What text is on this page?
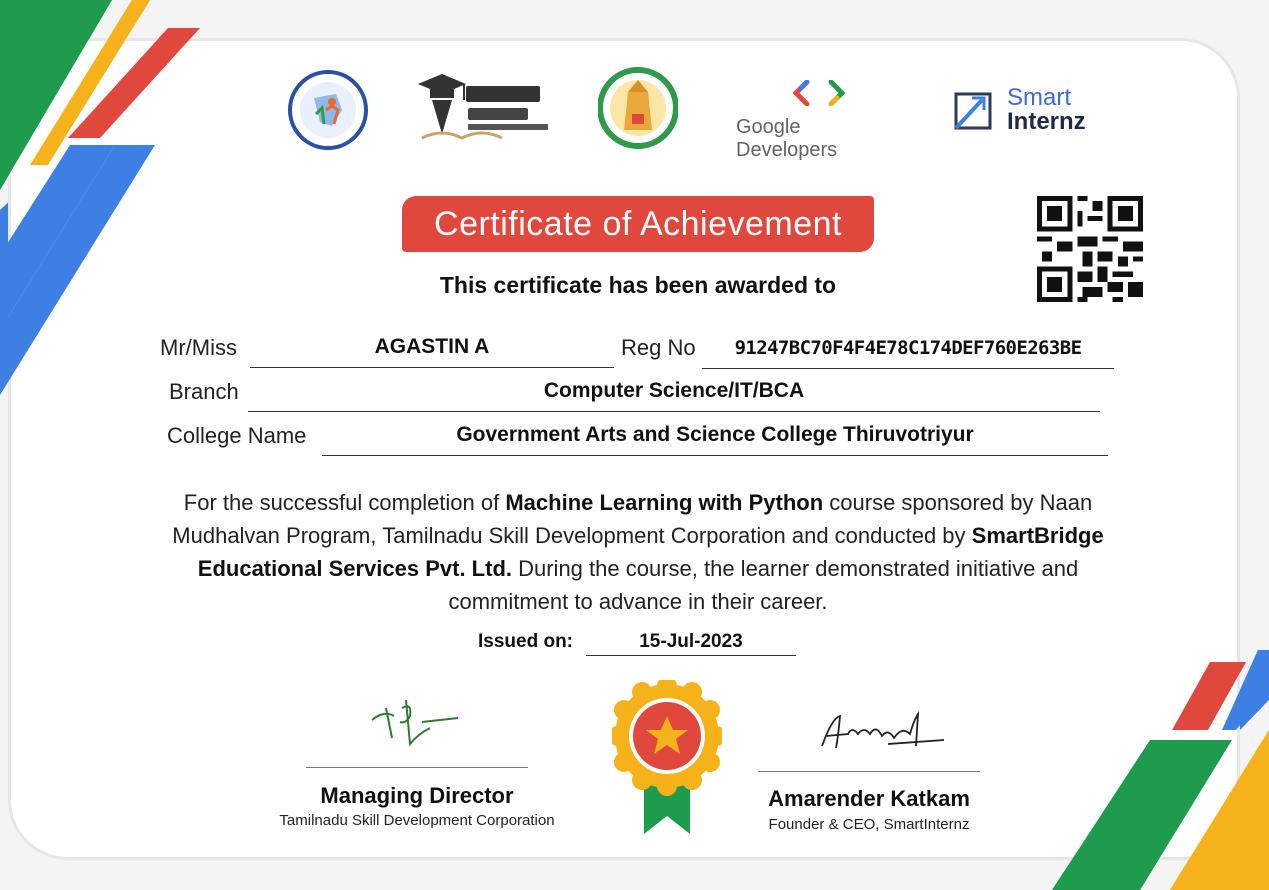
Google Developers
Smart
Internz
Certificate of Achievement
This certificate has been awarded to
Mr/Miss	AGASTIN A	Reg No	91247BC70F4F4E78C174DEF760E263BE
Branch	Computer Science/IT/BCA
College Name	Government Arts and Science College Thiruvotriyur
For the successful completion of Machine Learning with Python course sponsored by Naan Mudhalvan Program, Tamilnadu Skill Development Corporation and conducted by SmartBridge Educational Services Pvt. Ltd. During the course, the learner demonstrated initiative and commitment to advance in their career.
Issued on:	15-Jul-2023
Managing Director
Tamilnadu Skill Development Corporation
Amarender Katkam
Founder & CEO, SmartInternz
